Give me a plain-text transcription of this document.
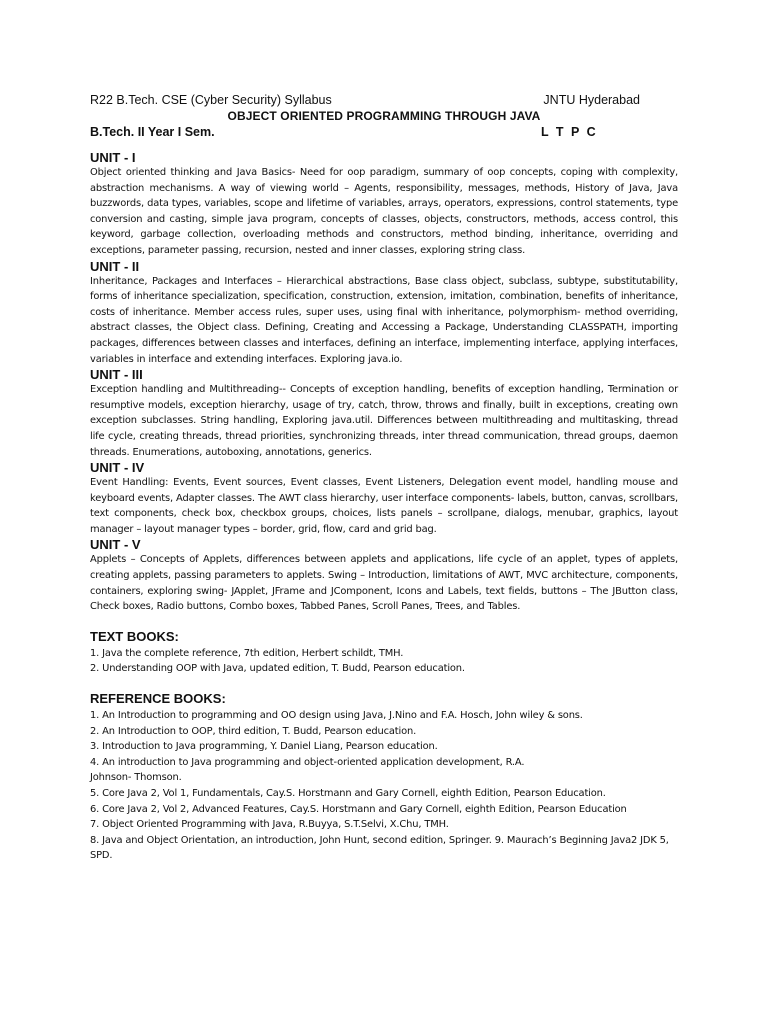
R22 B.Tech. CSE (Cyber Security) Syllabus	JNTU Hyderabad
OBJECT ORIENTED PROGRAMMING THROUGH JAVA
B.Tech. II Year I Sem.	L T P C
UNIT - I

Object oriented thinking and Java Basics- Need for oop paradigm, summary of oop concepts, coping with complexity, abstraction mechanisms. A way of viewing world – Agents, responsibility, messages, methods, History of Java, Java buzzwords, data types, variables, scope and lifetime of variables, arrays, operators, expressions, control statements, type conversion and casting, simple java program, concepts of classes, objects, constructors, methods, access control, this keyword, garbage collection, overloading methods and constructors, method binding, inheritance, overriding and exceptions, parameter passing, recursion, nested and inner classes, exploring string class.

UNIT - II

Inheritance, Packages and Interfaces – Hierarchical abstractions, Base class object, subclass, subtype, substitutability, forms of inheritance specialization, specification, construction, extension, imitation, combination, benefits of inheritance, costs of inheritance. Member access rules, super uses, using final with inheritance, polymorphism- method overriding, abstract classes, the Object class. Defining, Creating and Accessing a Package, Understanding CLASSPATH, importing packages, differences between classes and interfaces, defining an interface, implementing interface, applying interfaces, variables in interface and extending interfaces. Exploring java.io.

UNIT - III

Exception handling and Multithreading-- Concepts of exception handling, benefits of exception handling, Termination or resumptive models, exception hierarchy, usage of try, catch, throw, throws and finally, built in exceptions, creating own exception subclasses. String handling, Exploring java.util. Differences between multithreading and multitasking, thread life cycle, creating threads, thread priorities, synchronizing threads, inter thread communication, thread groups, daemon threads. Enumerations, autoboxing, annotations, generics.

UNIT - IV

Event Handling: Events, Event sources, Event classes, Event Listeners, Delegation event model, handling mouse and keyboard events, Adapter classes. The AWT class hierarchy, user interface components- labels, button, canvas, scrollbars, text components, check box, checkbox groups, choices, lists panels – scrollpane, dialogs, menubar, graphics, layout manager – layout manager types – border, grid, flow, card and grid bag.

UNIT - V

Applets – Concepts of Applets, differences between applets and applications, life cycle of an applet, types of applets, creating applets, passing parameters to applets. Swing – Introduction, limitations of AWT, MVC architecture, components, containers, exploring swing- JApplet, JFrame and JComponent, Icons and Labels, text fields, buttons – The JButton class, Check boxes, Radio buttons, Combo boxes, Tabbed Panes, Scroll Panes, Trees, and Tables.

TEXT BOOKS:

1. Java the complete reference, 7th edition, Herbert schildt, TMH.

2. Understanding OOP with Java, updated edition, T. Budd, Pearson education.

REFERENCE BOOKS:

1. An Introduction to programming and OO design using Java, J.Nino and F.A. Hosch, John wiley & sons.

2. An Introduction to OOP, third edition, T. Budd, Pearson education.

3. Introduction to Java programming, Y. Daniel Liang, Pearson education.

4. An introduction to Java programming and object-oriented application development, R.A.

Johnson- Thomson.

5. Core Java 2, Vol 1, Fundamentals, Cay.S. Horstmann and Gary Cornell, eighth Edition, Pearson Education.

6. Core Java 2, Vol 2, Advanced Features, Cay.S. Horstmann and Gary Cornell, eighth Edition, Pearson Education

7. Object Oriented Programming with Java, R.Buyya, S.T.Selvi, X.Chu, TMH.

8. Java and Object Orientation, an introduction, John Hunt, second edition, Springer. 9. Maurach’s Beginning Java2 JDK 5, SPD.
